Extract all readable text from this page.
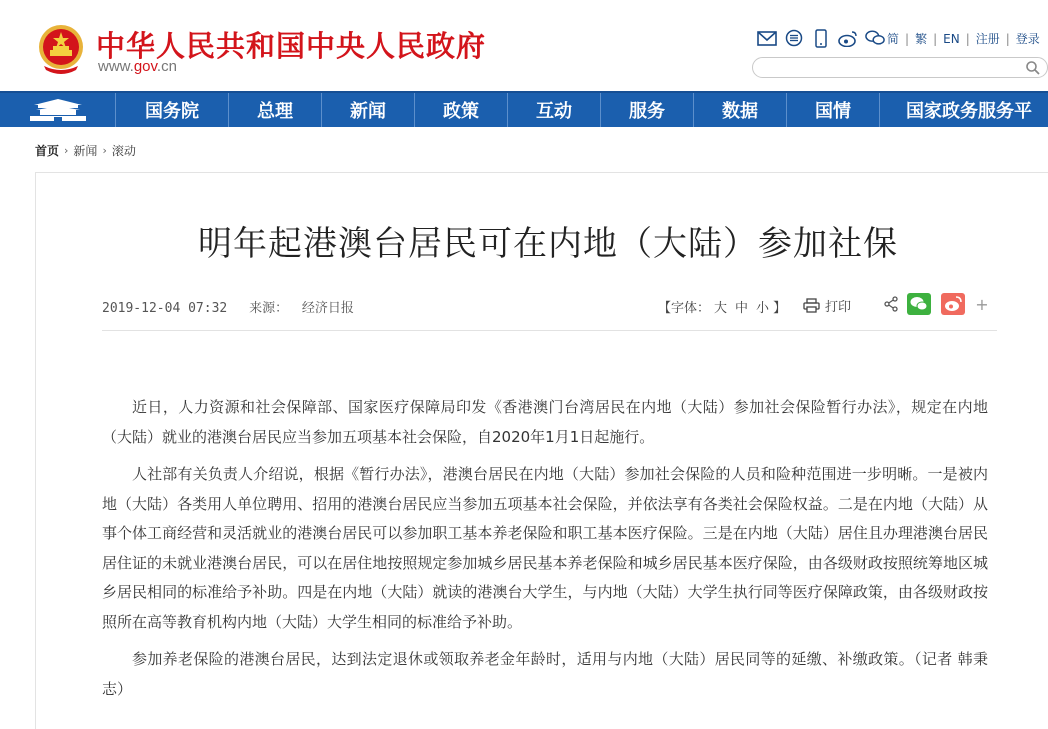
中华人民共和国中央人民政府
www.gov.cn
简 | 繁 | EN | 注册 | 登录
国务院	总理	新闻	政策	互动	服务	数据	国情	国家政务服务平
首页 › 新闻 › 滚动
明年起港澳台居民可在内地（大陆）参加社保
2019-12-04 07:32 来源： 经济日报	【字体： 大 中 小 】	打印	+

近日，人力资源和社会保障部、国家医疗保障局印发《香港澳门台湾居民在内地（大陆）参加社会保险暂行办法》，规定在内地（大陆）就业的港澳台居民应当参加五项基本社会保险，自2020年1月1日起施行。

人社部有关负责人介绍说，根据《暂行办法》，港澳台居民在内地（大陆）参加社会保险的人员和险种范围进一步明晰。一是被内地（大陆）各类用人单位聘用、招用的港澳台居民应当参加五项基本社会保险，并依法享有各类社会保险权益。二是在内地（大陆）从事个体工商经营和灵活就业的港澳台居民可以参加职工基本养老保险和职工基本医疗保险。三是在内地（大陆）居住且办理港澳台居民居住证的未就业港澳台居民，可以在居住地按照规定参加城乡居民基本养老保险和城乡居民基本医疗保险，由各级财政按照统筹地区城乡居民相同的标准给予补助。四是在内地（大陆）就读的港澳台大学生，与内地（大陆）大学生执行同等医疗保障政策，由各级财政按照所在高等教育机构内地（大陆）大学生相同的标准给予补助。

参加养老保险的港澳台居民，达到法定退休或领取养老金年龄时，适用与内地（大陆）居民同等的延缴、补缴政策。（记者 韩秉志）
